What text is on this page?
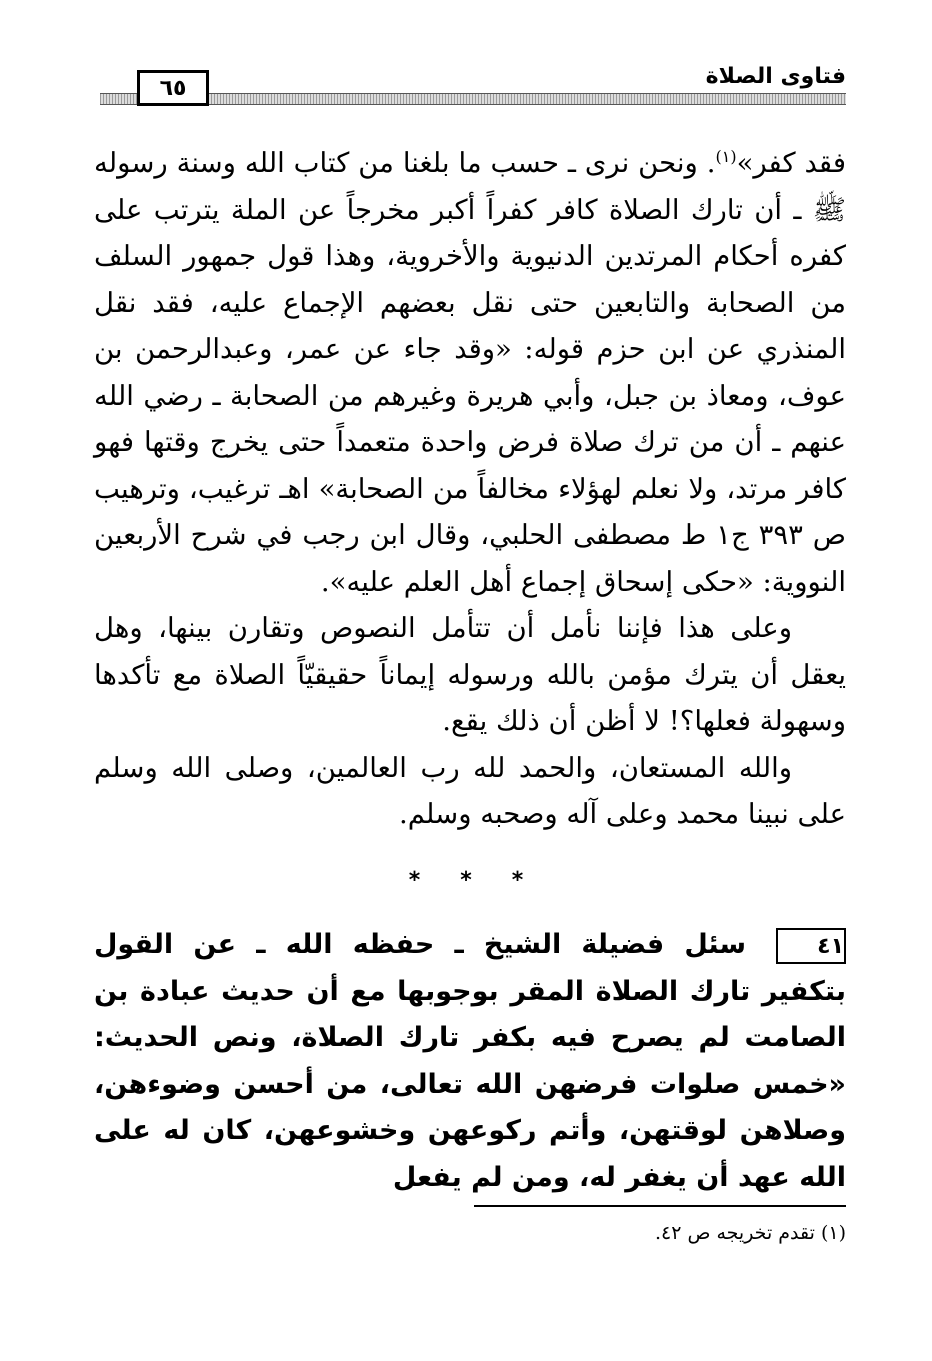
٦٥	فتاوى الصلاة

فقد كفر»$^{(١)}$. ونحن نرى ـ حسب ما بلغنا من كتاب الله وسنة رسوله ﷺ ـ أن تارك الصلاة كافر كفراً أكبر مخرجاً عن الملة يترتب على كفره أحكام المرتدين الدنيوية والأخروية، وهذا قول جمهور السلف من الصحابة والتابعين حتى نقل بعضهم الإجماع عليه، فقد نقل المنذري عن ابن حزم قوله: «وقد جاء عن عمر، وعبدالرحمن بن عوف، ومعاذ بن جبل، وأبي هريرة وغيرهم من الصحابة ـ رضي الله عنهم ـ أن من ترك صلاة فرض واحدة متعمداً حتى يخرج وقتها فهو كافر مرتد، ولا نعلم لهؤلاء مخالفاً من الصحابة» اهـ ترغيب، وترهيب ص ٣٩٣ ج١ ط مصطفى الحلبي، وقال ابن رجب في شرح الأربعين النووية: «حكى إسحاق إجماع أهل العلم عليه».

وعلى هذا فإننا نأمل أن تتأمل النصوص وتقارن بينها، وهل يعقل أن يترك مؤمن بالله ورسوله إيماناً حقيقيّاً الصلاة مع تأكدها وسهولة فعلها؟! لا أظن أن ذلك يقع.

والله المستعان، والحمد لله رب العالمين، وصلى الله وسلم على نبينا محمد وعلى آله وصحبه وسلم.

* * *
٤١سئل فضيلة الشيخ ـ حفظه الله ـ عن القول بتكفير تارك الصلاة المقر بوجوبها مع أن حديث عبادة بن الصامت لم يصرح فيه بكفر تارك الصلاة، ونص الحديث: «خمس صلوات فرضهن الله تعالى، من أحسن وضوءهن، وصلاهن لوقتهن، وأتم ركوعهن وخشوعهن، كان له على الله عهد أن يغفر له، ومن لم يفعل
(١) تقدم تخريجه ص ٤٢.
